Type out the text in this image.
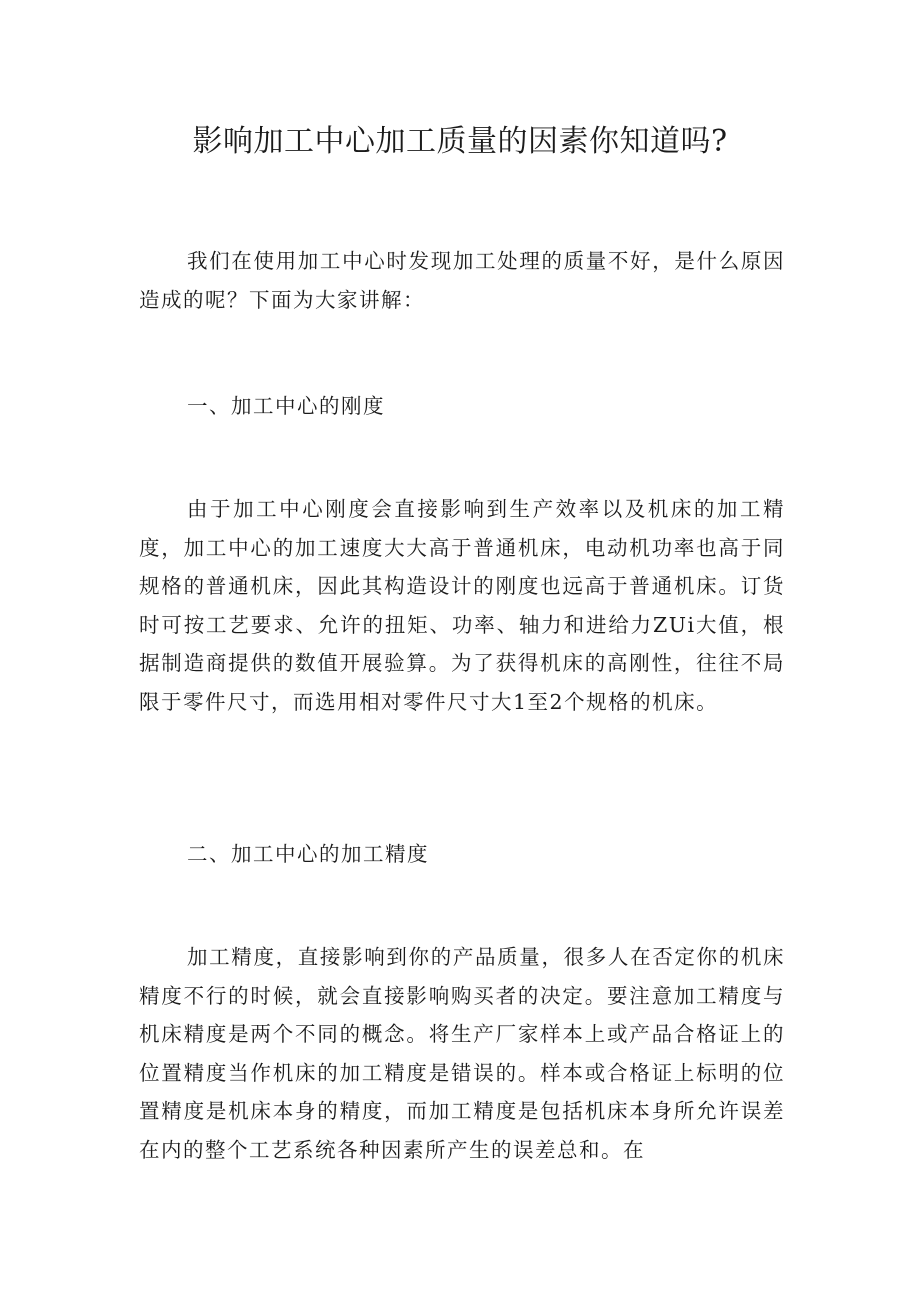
影响加工中心加工质量的因素你知道吗?

我们在使用加工中心时发现加工处理的质量不好，是什么原因造成的呢？下面为大家讲解：

一、加工中心的刚度

由于加工中心刚度会直接影响到生产效率以及机床的加工精度，加工中心的加工速度大大高于普通机床，电动机功率也高于同规格的普通机床，因此其构造设计的刚度也远高于普通机床。订货时可按工艺要求、允许的扭矩、功率、轴力和进给力ZUi大值，根据制造商提供的数值开展验算。为了获得机床的高刚性，往往不局限于零件尺寸，而选用相对零件尺寸大1至2个规格的机床。

二、加工中心的加工精度

加工精度，直接影响到你的产品质量，很多人在否定你的机床精度不行的时候，就会直接影响购买者的决定。要注意加工精度与机床精度是两个不同的概念。将生产厂家样本上或产品合格证上的位置精度当作机床的加工精度是错误的。样本或合格证上标明的位置精度是机床本身的精度，而加工精度是包括机床本身所允许误差在内的整个工艺系统各种因素所产生的误差总和。在
